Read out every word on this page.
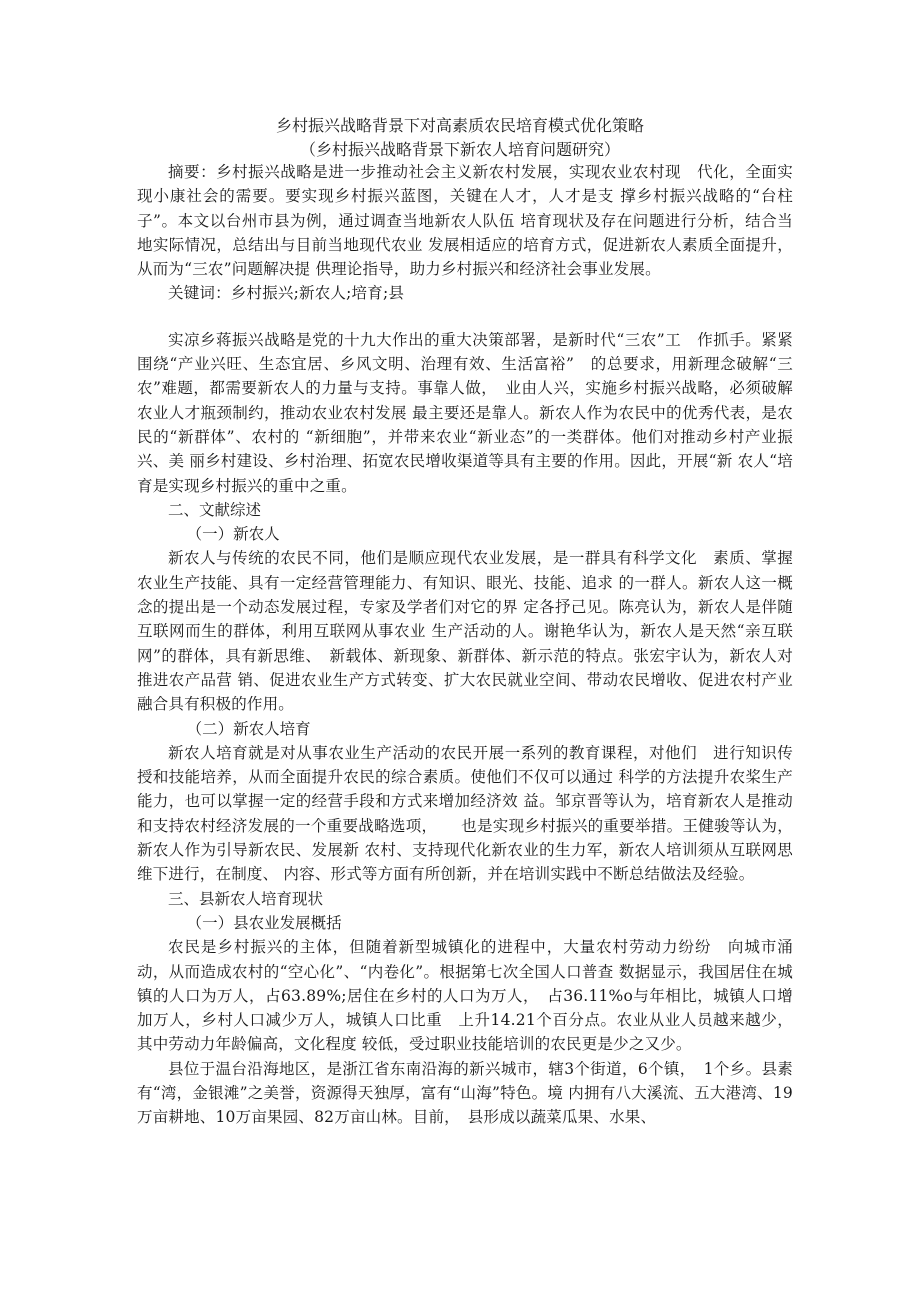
乡村振兴战略背景下对高素质农民培育模式优化策略
（乡村振兴战略背景下新农人培育问题研究）

摘要：乡村振兴战略是进一步推动社会主义新农村发展，实现农业农村现　代化，全面实现小康社会的需要。要实现乡村振兴蓝图，关键在人才，人才是支 撑乡村振兴战略的“台柱子”。本文以台州市县为例，通过调查当地新农人队伍 培育现状及存在问题进行分析，结合当地实际情况，总结出与目前当地现代农业 发展相适应的培育方式，促进新农人素质全面提升，从而为“三农”问题解决提 供理论指导，助力乡村振兴和经济社会事业发展。

关键词：乡村振兴;新农人;培育;县

实凉乡蒋振兴战略是党的十九大作出的重大决策部署，是新时代“三农”工　作抓手。紧紧围绕“产业兴旺、生态宜居、乡风文明、治理有效、生活富裕”　的总要求，用新理念破解“三农”难题，都需要新农人的力量与支持。事靠人做，　业由人兴，实施乡村振兴战略，必须破解农业人才瓶颈制约，推动农业农村发展 最主要还是靠人。新农人作为农民中的优秀代表，是农民的“新群体”、农村的 “新细胞”，并带来农业“新业态”的一类群体。他们对推动乡村产业振兴、美 丽乡村建设、乡村治理、拓宽农民增收渠道等具有主要的作用。因此，开展“新 农人“培育是实现乡村振兴的重中之重。

二、文献综述

（一）新农人

新农人与传统的农民不同，他们是顺应现代农业发展，是一群具有科学文化　素质、掌握农业生产技能、具有一定经营管理能力、有知识、眼光、技能、追求 的一群人。新农人这一概念的提出是一个动态发展过程，专家及学者们对它的界 定各抒己见。陈亮认为，新农人是伴随互联网而生的群体，利用互联网从事农业 生产活动的人。谢艳华认为，新农人是天然“亲互联网”的群体，具有新思维、　新载体、新现象、新群体、新示范的特点。张宏宇认为，新农人对推进农产品营 销、促进农业生产方式转变、扩大农民就业空间、带动农民增收、促进农村产业 融合具有积极的作用。

（二）新农人培育

新农人培育就是对从事农业生产活动的农民开展一系列的教育课程，对他们　进行知识传授和技能培养，从而全面提升农民的综合素质。使他们不仅可以通过 科学的方法提升农桨生产能力，也可以掌握一定的经营手段和方式来增加经济效 益。邹京晋等认为，培育新农人是推动和支持农村经济发展的一个重要战略选项，　　也是实现乡村振兴的重要举措。王健骏等认为，新农人作为引导新农民、发展新 农村、支持现代化新农业的生力军，新农人培训须从互联网思维下进行，在制度、 内容、形式等方面有所创新，并在培训实践中不断总结做法及经验。

三、县新农人培育现状

（一）县农业发展概括

农民是乡村振兴的主体，但随着新型城镇化的进程中，大量农村劳动力纷纷　向城市涌动，从而造成农村的“空心化”、“内卷化”。根据第七次全国人口普查 数据显示，我国居住在城镇的人口为万人，占63.89%;居住在乡村的人口为万人，　占36.11%o与年相比，城镇人口增加万人，乡村人口减少万人，城镇人口比重　上升14.21个百分点。农业从业人员越来越少，其中劳动力年龄偏高，文化程度 较低，受过职业技能培训的农民更是少之又少。

县位于温台沿海地区，是浙江省东南沿海的新兴城市，辖3个街道，6个镇，　1个乡。县素有“湾，金银滩”之美誉，资源得天独厚，富有“山海”特色。境 内拥有八大溪流、五大港湾、19万亩耕地、10万亩果园、82万亩山林。目前，　县形成以蔬菜瓜果、水果、
